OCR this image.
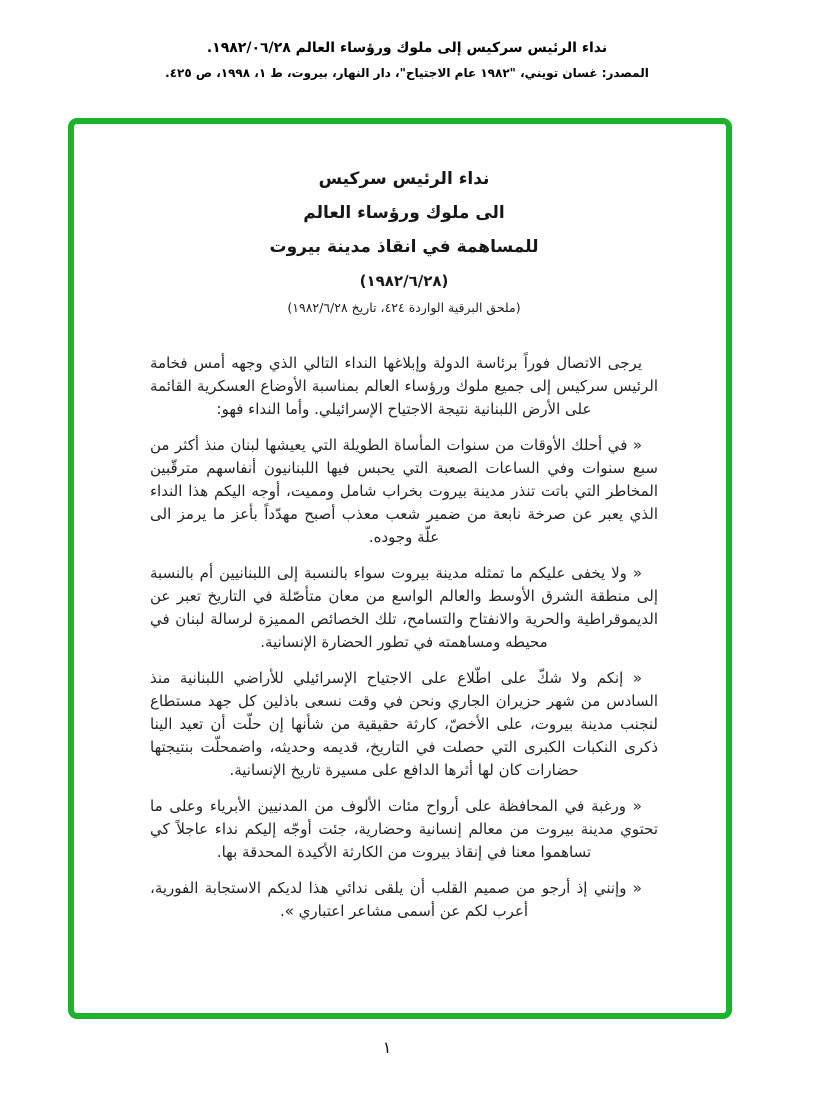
نداء الرئيس سركيس إلى ملوك ورؤساء العالم ١٩٨٢/٠٦/٢٨.
المصدر: غسان تويني، "١٩٨٢ عام الاجتياح"، دار النهار، بيروت، ط ١، ١٩٩٨، ص ٤٢٥.
نداء الرئيس سركيس
الى ملوك ورؤساء العالم
للمساهمة في انقاذ مدينة بيروت
(١٩٨٢/٦/٢٨)
(ملحق البرقية الواردة ٤٢٤، تاريخ ١٩٨٢/٦/٢٨)

يرجى الاتصال فوراً برئاسة الدولة وإبلاغها النداء التالي الذي وجهه أمس فخامة الرئيس سركيس إلى جميع ملوك ورؤساء العالم بمناسبة الأوضاع العسكرية القائمة على الأرض اللبنانية نتيجة الاجتياح الإسرائيلي. وأما النداء فهو:

« في أحلك الأوقات من سنوات المأساة الطويلة التي يعيشها لبنان منذ أكثر من سبع سنوات وفي الساعات الصعبة التي يحبس فيها اللبنانيون أنفاسهم مترقّبين المخاطر التي باتت تنذر مدينة بيروت بخراب شامل ومميت، أوجه اليكم هذا النداء الذي يعبر عن صرخة نابعة من ضمير شعب معذب أصبح مهدّداً بأعز ما يرمز الى علّة وجوده.

« ولا يخفى عليكم ما تمثله مدينة بيروت سواء بالنسبة إلى اللبنانيين أم بالنسبة إلى منطقة الشرق الأوسط والعالم الواسع من معان متأصّلة في التاريخ تعبر عن الديموقراطية والحرية والانفتاح والتسامح، تلك الخصائص المميزة لرسالة لبنان في محيطه ومساهمته في تطور الحضارة الإنسانية.

« إنكم ولا شكّ على اطّلاع على الاجتياح الإسرائيلي للأراضي اللبنانية منذ السادس من شهر حزيران الجاري ونحن في وقت نسعى باذلين كل جهد مستطاع لنجنب مدينة بيروت، على الأخصّ، كارثة حقيقية من شأنها إن حلّت أن تعيد الينا ذكرى النكبات الكبرى التي حصلت في التاريخ، قديمه وحديثه، واضمحلّت بنتيجتها حضارات كان لها أثرها الدافع على مسيرة تاريخ الإنسانية.

« ورغبة في المحافظة على أرواح مئات الألوف من المدنيين الأبرياء وعلى ما تحتوي مدينة بيروت من معالم إنسانية وحضارية، جئت أوجّه إليكم نداء عاجلاً كي تساهموا معنا في إنقاذ بيروت من الكارثة الأكيدة المحدقة بها.

« وإنني إذ أرجو من صميم القلب أن يلقى ندائي هذا لديكم الاستجابة الفورية، أعرب لكم عن أسمى مشاعر اعتباري ».

١
